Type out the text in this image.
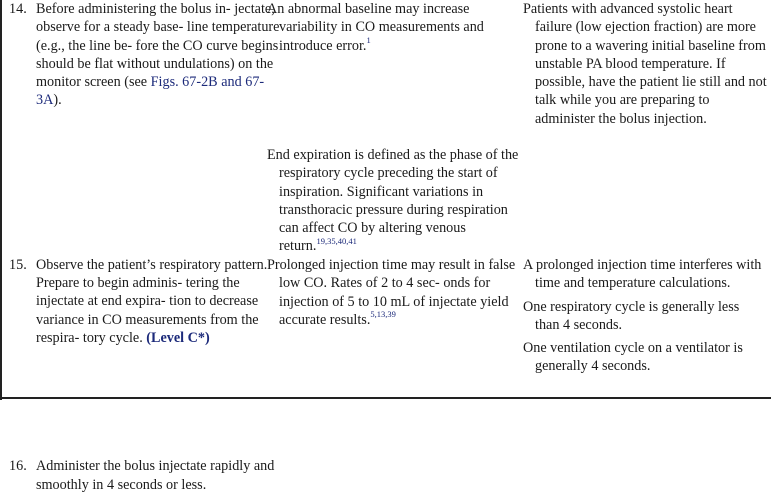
14. Before administering the bolus in- jectate, observe for a steady base- line temperature (e.g., the line be- fore the CO curve begins should be flat without undulations) on the monitor screen (see Figs. 67-2B and 67-3A).

An abnormal baseline may increase variability in CO measurements and introduce error.$^1$

Patients with advanced systolic heart failure (low ejection fraction) are more prone to a wavering initial baseline from unstable PA blood temperature. If possible, have the patient lie still and not talk while you are preparing to administer the bolus injection.

15. Observe the patient’s respiratory pattern. Prepare to begin adminis- tering the injectate at end expira- tion to decrease variance in CO measurements from the respira- tory cycle. (Level C*)

End expiration is defined as the phase of the respiratory cycle preceding the start of inspiration. Significant variations in transthoracic pressure during respiration can affect CO by altering venous return.$^{19,35,40,41}$
16. Administer the bolus injectate rapidly and smoothly in 4 seconds or less.

Prolonged injection time may result in false low CO. Rates of 2 to 4 sec- onds for injection of 5 to 10 mL of injectate yield accurate results.$^{5,13,39}$

A prolonged injection time interferes with time and temperature calculations.

One respiratory cycle is generally less than 4 seconds.

One ventilation cycle on a ventilator is generally 4 seconds.
